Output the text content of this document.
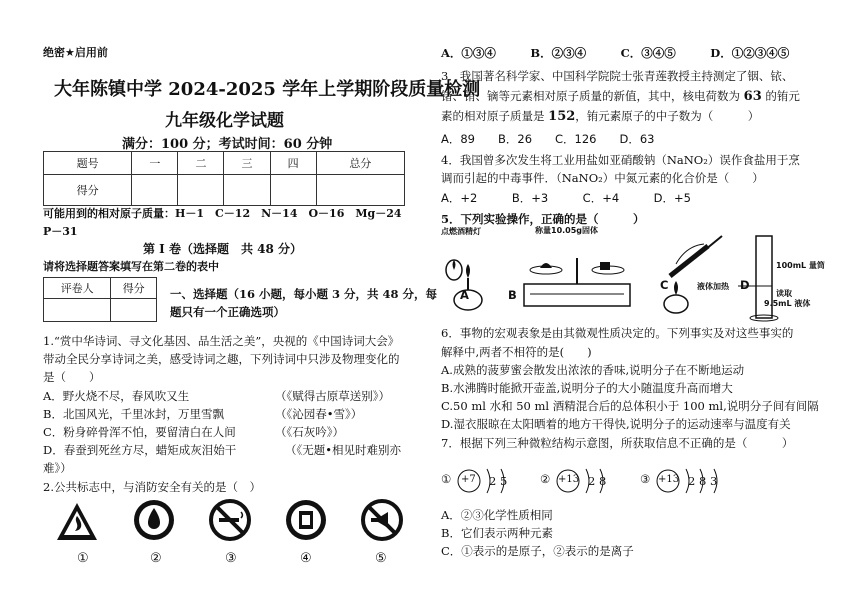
绝密★启用前
大年陈镇中学 2024-2025 学年上学期阶段质量检测
九年级化学试题
满分：100 分；考试时间：60 分钟
题号	一	二	三	四	总分
得分					
可能用到的相对原子质量：H－1　C－12　N－14　O－16　Mg－24
P－31
第 I 卷（选择题　共 48 分）
请将选择题答案填写在第二卷的表中
评卷人	得分
	一、选择题（16 小题，每小题 3 分，共 48 分，每
题只有一个正确选项）
1.“赏中华诗词、寻文化基因、品生活之美”，央视的《中国诗词大会》
带动全民分享诗词之美，感受诗词之趣，下列诗词中只涉及物理变化的
是（　　）
A．野火烧不尽，春风吹又生	（《赋得古原草送别》）
B．北国风光，千里冰封，万里雪飘	（《沁园春•雪》）
C．粉身碎骨浑不怕，要留清白在人间	（《石灰吟》）
D．春蚕到死丝方尽，蜡矩成灰泪始干	（《无题•相见时难别亦
难》）
2.公共标志中，与消防安全有关的是（　）
①	②	③	④	⑤
A．①③④　　　B．②③④　　　C．③④⑤　　　D．①②③④⑤
3．我国著名科学家、中国科学院院士张青莲教授主持测定了铟、铱、
锗、铕、镝等元素相对原子质量的新值，其中，核电荷数为 63 的铕元
素的相对原子质量是 152，铕元素原子的中子数为（　　　）
A．89　　B．26　　C．126　　D．63
4．我国曾多次发生将工业用盐如亚硝酸钠（NaNO₂）误作食盐用于烹
调而引起的中毒事件．（NaNO₂）中氮元素的化合价是（　　）
A．+2　　　B．+3　　　C．+4　　　D．+5
5．下列实验操作，正确的是（　　　）
点燃酒精灯	称量10.05g固体
液体加热
100mL 量筒
读取
9.5mL 液体
A	B
C	D
6．事物的宏观表象是由其微观性质决定的。下列事实及对这些事实的
解释中,两者不相符的是(　　)
A.成熟的菠萝蜜会散发出浓浓的香味,说明分子在不断地运动
B.水沸腾时能掀开壶盖,说明分子的大小随温度升高而增大
C.50 ml 水和 50 ml 酒精混合后的总体积小于 100 ml,说明分子间有间隔
D.湿衣服晾在太阳晒着的地方干得快,说明分子的运动速率与温度有关
7．根据下列三种微粒结构示意图，所获取信息不正确的是（　　　）
① +7 2 5	② +13 2 8	③ +13 2 8 3
A．②③化学性质相同
B．它们表示两种元素
C．①表示的是原子，②表示的是离子
